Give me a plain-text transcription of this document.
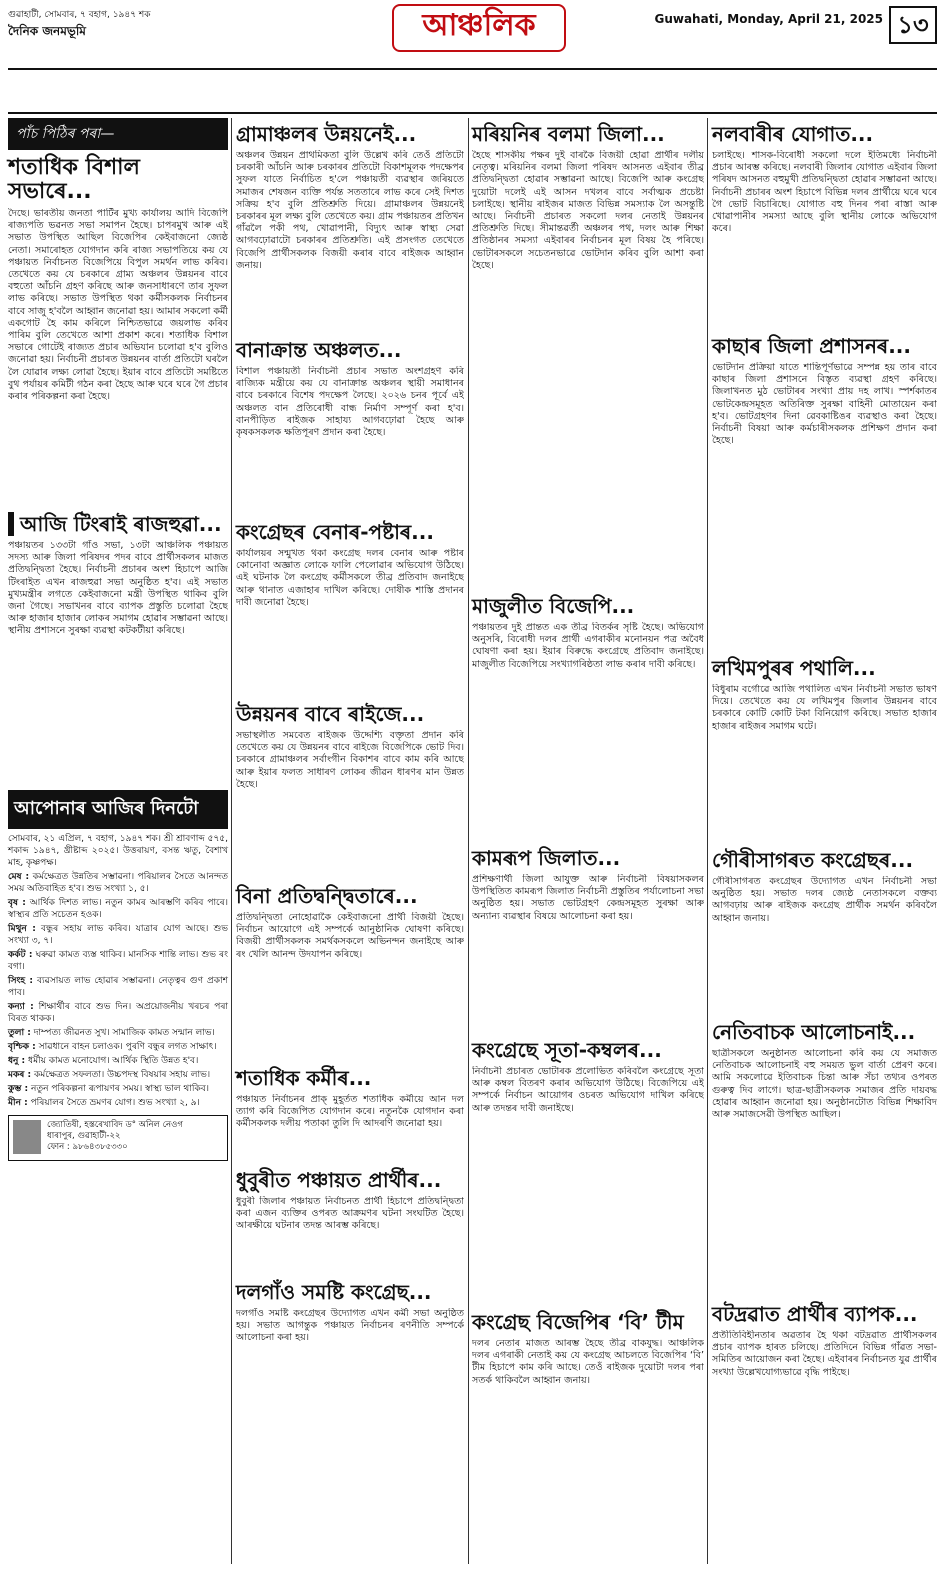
গুৱাহাটী, সোমবাৰ, ৭ বহাগ, ১৯৪৭ শক
দৈনিক জনমভূমি	আঞ্চলিক	Guwahati, Monday, April 21, 2025 ১৩
পাঁচ পিঠিৰ পৰা—
শতাধিক বিশাল সভাৰে...
দৈছে। ভাৰতীয় জনতা পাৰ্টিৰ মুখ্য কাৰ্যালয় আদি বিজেপি ৰাজ্যপতি ভৱনত সভা সমাপন হৈছে। চাপৰমুখ আৰু এই সভাত উপস্থিত আছিল বিজেপিৰ কেইবাজনো জ্যেষ্ঠ নেতা। সমাৰোহত যোগদান কৰি ৰাজ্য সভাপতিয়ে কয় যে পঞ্চায়ত নিৰ্বাচনত বিজেপিয়ে বিপুল সমৰ্থন লাভ কৰিব। তেখেতে কয় যে চৰকাৰে গ্ৰাম্য অঞ্চলৰ উন্নয়নৰ বাবে বহুতো আঁচনি গ্ৰহণ কৰিছে আৰু জনসাধাৰণে তাৰ সুফল লাভ কৰিছে। সভাত উপস্থিত থকা কৰ্মীসকলক নিৰ্বাচনৰ বাবে সাজু হ'বলৈ আহ্বান জনোৱা হয়। আমাৰ সকলো কৰ্মী একগোট হৈ কাম কৰিলে নিশ্চিতভাৱে জয়লাভ কৰিব পাৰিম বুলি তেখেতে আশা প্ৰকাশ কৰে। শতাধিক বিশাল সভাৰে গোটেই ৰাজ্যত প্ৰচাৰ অভিযান চলোৱা হ'ব বুলিও জনোৱা হয়। নিৰ্বাচনী প্ৰচাৰত উন্নয়নৰ বাৰ্তা প্ৰতিটো ঘৰলৈ লৈ যোৱাৰ লক্ষ্য লোৱা হৈছে। ইয়াৰ বাবে প্ৰতিটো সমষ্টিতে বুথ পৰ্যায়ৰ কমিটী গঠন কৰা হৈছে আৰু ঘৰে ঘৰে গৈ প্ৰচাৰ কৰাৰ পৰিকল্পনা কৰা হৈছে।
আজি টিংৰাই ৰাজহুৱা...
পঞ্চায়তৰ ১৩৩টা গাঁও সভা, ১৩টা আঞ্চলিক পঞ্চায়ত সদস্য আৰু জিলা পৰিষদৰ পদৰ বাবে প্ৰাৰ্থীসকলৰ মাজত প্ৰতিদ্বন্দ্বিতা হৈছে। নিৰ্বাচনী প্ৰচাৰৰ অংশ হিচাপে আজি টিংৰাইত এখন ৰাজহুৱা সভা অনুষ্ঠিত হ'ব। এই সভাত মুখ্যমন্ত্ৰীৰ লগতে কেইবাজনো মন্ত্ৰী উপস্থিত থাকিব বুলি জনা গৈছে। সভাখনৰ বাবে ব্যাপক প্ৰস্তুতি চলোৱা হৈছে আৰু হাজাৰ হাজাৰ লোকৰ সমাগম হোৱাৰ সম্ভাৱনা আছে। স্থানীয় প্ৰশাসনে সুৰক্ষা ব্যৱস্থা কটকটীয়া কৰিছে।
আপোনাৰ আজিৰ দিনটো
সোমবাৰ, ২১ এপ্ৰিল, ৭ বহাগ, ১৯৪৭ শক। শ্ৰী শ্ৰাবণাব্দ ৫৭৫, শকাব্দ ১৯৪৭, খ্ৰীষ্টাব্দ ২০২৫। উত্তৰায়ণ, বসন্ত ঋতু, বৈশাখ মাহ, কৃষ্ণপক্ষ।
মেষ : কৰ্মক্ষেত্ৰত উন্নতিৰ সম্ভাৱনা। পৰিয়ালৰ সৈতে আনন্দত সময় অতিবাহিত হ'ব। শুভ সংখ্যা ১, ৫।
বৃষ : আৰ্থিক দিশত লাভ। নতুন কামৰ আৰম্ভণি কৰিব পাৰে। স্বাস্থ্যৰ প্ৰতি সচেতন হওক।
মিথুন : বন্ধুৰ সহায় লাভ কৰিব। যাত্ৰাৰ যোগ আছে। শুভ সংখ্যা ৩, ৭।
কৰ্কট : ঘৰুৱা কামত ব্যস্ত থাকিব। মানসিক শান্তি লাভ। শুভ ৰং বগা।
সিংহ : ব্যৱসায়ত লাভ হোৱাৰ সম্ভাৱনা। নেতৃত্বৰ গুণ প্ৰকাশ পাব।
কন্যা : শিক্ষাৰ্থীৰ বাবে শুভ দিন। অপ্ৰয়োজনীয় খৰচৰ পৰা বিৰত থাকক।
তুলা : দাম্পত্য জীৱনত সুখ। সামাজিক কামত সন্মান লাভ।
বৃশ্চিক : সাৱধানে বাহন চলাওক। পুৰণি বন্ধুৰ লগত সাক্ষাৎ।
ধনু : ধৰ্মীয় কামত মনোযোগ। আৰ্থিক স্থিতি উন্নত হ'ব।
মকৰ : কৰ্মক্ষেত্ৰত সফলতা। উচ্চপদস্থ বিষয়াৰ সহায় লাভ।
কুম্ভ : নতুন পৰিকল্পনা ৰূপায়ণৰ সময়। স্বাস্থ্য ভাল থাকিব।
মীন : পৰিয়ালৰ সৈতে ভ্ৰমণৰ যোগ। শুভ সংখ্যা ২, ৯।
জ্যোতিষী, হস্তৰেখাবিদ ড° অনিল নেওগ
ধাৰাপুৰ, গুৱাহাটী-২২
ফোন : ৯৮৬৪৩৮৫৩৩০
গ্ৰামাঞ্চলৰ উন্নয়নেই...
অঞ্চলৰ উন্নয়ন প্ৰাথমিকতা বুলি উল্লেখ কৰি তেওঁ প্ৰতিটো চৰকাৰী আঁচনি আৰু চৰকাৰৰ প্ৰতিটো বিকাশমূলক পদক্ষেপৰ সুফল যাতে নিৰ্বাচিত হ'লে পঞ্চায়তী ব্যৱস্থাৰ জৰিয়তে সমাজৰ শেষজন ব্যক্তি পৰ্যন্ত সততাৰে লাভ কৰে সেই দিশত সক্ৰিয় হ'ব বুলি প্ৰতিশ্ৰুতি দিয়ে। গ্ৰামাঞ্চলৰ উন্নয়নেই চৰকাৰৰ মূল লক্ষ্য বুলি তেখেতে কয়। গ্ৰাম পঞ্চায়তৰ প্ৰতিখন গাঁৱলৈ পকী পথ, খোৱাপানী, বিদ্যুৎ আৰু স্বাস্থ্য সেৱা আগবঢ়োৱাটো চৰকাৰৰ প্ৰতিশ্ৰুতি। এই প্ৰসংগত তেখেতে বিজেপি প্ৰাৰ্থীসকলক বিজয়ী কৰাৰ বাবে ৰাইজক আহ্বান জনায়।
বানাক্ৰান্ত অঞ্চলত...
বিশাল পঞ্চায়তী নিৰ্বাচনী প্ৰচাৰ সভাত অংশগ্ৰহণ কৰি ৰাজ্যিক মন্ত্ৰীয়ে কয় যে বানাক্ৰান্ত অঞ্চলৰ স্থায়ী সমাধানৰ বাবে চৰকাৰে বিশেষ পদক্ষেপ লৈছে। ২০২৬ চনৰ পূৰ্বে এই অঞ্চলত বান প্ৰতিৰোধী বান্ধ নিৰ্মাণ সম্পূৰ্ণ কৰা হ'ব। বানপীড়িত ৰাইজক সাহায্য আগবঢ়োৱা হৈছে আৰু কৃষকসকলক ক্ষতিপূৰণ প্ৰদান কৰা হৈছে।
কংগ্ৰেছৰ বেনাৰ-পষ্টাৰ...
কাৰ্যালয়ৰ সন্মুখত থকা কংগ্ৰেছ দলৰ বেনাৰ আৰু পষ্টাৰ কোনোবা অজ্ঞাত লোকে ফালি পেলোৱাৰ অভিযোগ উঠিছে। এই ঘটনাক লৈ কংগ্ৰেছ কৰ্মীসকলে তীব্ৰ প্ৰতিবাদ জনাইছে আৰু থানাত এজাহাৰ দাখিল কৰিছে। দোষীক শাস্তি প্ৰদানৰ দাবী জনোৱা হৈছে।
উন্নয়নৰ বাবে ৰাইজে...
সভাস্থলীত সমবেত ৰাইজক উদ্দেশ্যি বক্তৃতা প্ৰদান কৰি তেখেতে কয় যে উন্নয়নৰ বাবে ৰাইজে বিজেপিকে ভোট দিব। চৰকাৰে গ্ৰামাঞ্চলৰ সৰ্বাংগীন বিকাশৰ বাবে কাম কৰি আছে আৰু ইয়াৰ ফলত সাধাৰণ লোকৰ জীৱন ধাৰণৰ মান উন্নত হৈছে।
বিনা প্ৰতিদ্বন্দ্বিতাৰে...
প্ৰতিদ্বন্দ্বিতা নোহোৱাকৈ কেইবাজনো প্ৰাৰ্থী বিজয়ী হৈছে। নিৰ্বাচন আয়োগে এই সম্পৰ্কে আনুষ্ঠানিক ঘোষণা কৰিছে। বিজয়ী প্ৰাৰ্থীসকলক সমৰ্থকসকলে অভিনন্দন জনাইছে আৰু ৰং খেলি আনন্দ উদযাপন কৰিছে।
শতাধিক কৰ্মীৰ...
পঞ্চায়ত নিৰ্বাচনৰ প্ৰাক্ মুহূৰ্তত শতাধিক কৰ্মীয়ে আন দল ত্যাগ কৰি বিজেপিত যোগদান কৰে। নতুনকৈ যোগদান কৰা কৰ্মীসকলক দলীয় পতাকা তুলি দি আদৰণি জনোৱা হয়।
ধুবুৰীত পঞ্চায়ত প্ৰাৰ্থীৰ...
ধুবুৰী জিলাৰ পঞ্চায়ত নিৰ্বাচনত প্ৰাৰ্থী হিচাপে প্ৰতিদ্বন্দ্বিতা কৰা এজন ব্যক্তিৰ ওপৰত আক্ৰমণৰ ঘটনা সংঘটিত হৈছে। আৰক্ষীয়ে ঘটনাৰ তদন্ত আৰম্ভ কৰিছে।
দলগাঁও সমষ্টি কংগ্ৰেছ...
দলগাঁও সমষ্টি কংগ্ৰেছৰ উদ্যোগত এখন কৰ্মী সভা অনুষ্ঠিত হয়। সভাত আগন্তুক পঞ্চায়ত নিৰ্বাচনৰ ৰণনীতি সম্পৰ্কে আলোচনা কৰা হয়।
মৰিয়নিৰ বলমা জিলা...
হৈছে শাসকীয় পক্ষৰ দুই বাৰকৈ বিজয়ী হোৱা প্ৰাৰ্থীৰ দলীয় নেতৃত্ব। মৰিয়নিৰ বলমা জিলা পৰিষদ আসনত এইবাৰ তীব্ৰ প্ৰতিদ্বন্দ্বিতা হোৱাৰ সম্ভাৱনা আছে। বিজেপি আৰু কংগ্ৰেছ দুয়োটা দলেই এই আসন দখলৰ বাবে সৰ্বাত্মক প্ৰচেষ্টা চলাইছে। স্থানীয় ৰাইজৰ মাজত বিভিন্ন সমস্যাক লৈ অসন্তুষ্টি আছে। নিৰ্বাচনী প্ৰচাৰত সকলো দলৰ নেতাই উন্নয়নৰ প্ৰতিশ্ৰুতি দিছে। সীমান্তৱৰ্তী অঞ্চলৰ পথ, দলং আৰু শিক্ষা প্ৰতিষ্ঠানৰ সমস্যা এইবাৰৰ নিৰ্বাচনৰ মূল বিষয় হৈ পৰিছে। ভোটাৰসকলে সচেতনভাৱে ভোটদান কৰিব বুলি আশা কৰা হৈছে।
মাজুলীত বিজেপি...
পঞ্চায়তৰ দুই প্ৰান্তত এক তীব্ৰ বিতৰ্কৰ সৃষ্টি হৈছে। অভিযোগ অনুসৰি, বিৰোধী দলৰ প্ৰাৰ্থী এগৰাকীৰ মনোনয়ন পত্ৰ অবৈধ ঘোষণা কৰা হয়। ইয়াৰ বিৰুদ্ধে কংগ্ৰেছে প্ৰতিবাদ জনাইছে। মাজুলীত বিজেপিয়ে সংখ্যাগৰিষ্ঠতা লাভ কৰাৰ দাবী কৰিছে।
কামৰূপ জিলাত...
প্ৰশিক্ষণাৰ্থী জিলা আযুক্ত আৰু নিৰ্বাচনী বিষয়াসকলৰ উপস্থিতিত কামৰূপ জিলাত নিৰ্বাচনী প্ৰস্তুতিৰ পৰ্যালোচনা সভা অনুষ্ঠিত হয়। সভাত ভোটগ্ৰহণ কেন্দ্ৰসমূহত সুৰক্ষা আৰু অন্যান্য ব্যৱস্থাৰ বিষয়ে আলোচনা কৰা হয়।
কংগ্ৰেছে সূতা-কম্বলৰ...
নিৰ্বাচনী প্ৰচাৰত ভোটাৰক প্ৰলোভিত কৰিবলৈ কংগ্ৰেছে সূতা আৰু কম্বল বিতৰণ কৰাৰ অভিযোগ উঠিছে। বিজেপিয়ে এই সম্পৰ্কে নিৰ্বাচন আয়োগৰ ওচৰত অভিযোগ দাখিল কৰিছে আৰু তদন্তৰ দাবী জনাইছে।
কংগ্ৰেছ বিজেপিৰ ‘বি’ টীম
দলৰ নেতাৰ মাজত আৰম্ভ হৈছে তীব্ৰ বাকযুদ্ধ। আঞ্চলিক দলৰ এগৰাকী নেতাই কয় যে কংগ্ৰেছ আচলতে বিজেপিৰ ‘বি’ টীম হিচাপে কাম কৰি আছে। তেওঁ ৰাইজক দুয়োটা দলৰ পৰা সতৰ্ক থাকিবলৈ আহ্বান জনায়।
নলবাৰীৰ যোগাত...
চলাইছে। শাসক-বিৰোধী সকলো দলে ইতিমধ্যে নিৰ্বাচনী প্ৰচাৰ আৰম্ভ কৰিছে। নলবাৰী জিলাৰ যোগাত এইবাৰ জিলা পৰিষদ আসনত বহুমুখী প্ৰতিদ্বন্দ্বিতা হোৱাৰ সম্ভাৱনা আছে। নিৰ্বাচনী প্ৰচাৰৰ অংশ হিচাপে বিভিন্ন দলৰ প্ৰাৰ্থীয়ে ঘৰে ঘৰে গৈ ভোট বিচাৰিছে। যোগাত বহু দিনৰ পৰা ৰাস্তা আৰু খোৱাপানীৰ সমস্যা আছে বুলি স্থানীয় লোকে অভিযোগ কৰে।
কাছাৰ জিলা প্ৰশাসনৰ...
ভোটদান প্ৰক্ৰিয়া যাতে শান্তিপূৰ্ণভাৱে সম্পন্ন হয় তাৰ বাবে কাছাৰ জিলা প্ৰশাসনে বিস্তৃত ব্যৱস্থা গ্ৰহণ কৰিছে। জিলাখনত মুঠ ভোটাৰৰ সংখ্যা প্ৰায় দহ লাখ। স্পৰ্শকাতৰ ভোটকেন্দ্ৰসমূহত অতিৰিক্ত সুৰক্ষা বাহিনী মোতায়েন কৰা হ'ব। ভোটগ্ৰহণৰ দিনা ৱেবকাষ্টিঙৰ ব্যৱস্থাও কৰা হৈছে। নিৰ্বাচনী বিষয়া আৰু কৰ্মচাৰীসকলক প্ৰশিক্ষণ প্ৰদান কৰা হৈছে।
লখিমপুৰৰ পথালি...
বিধুৰাম বৰ্গোৱে আজি পথালিত এখন নিৰ্বাচনী সভাত ভাষণ দিয়ে। তেখেতে কয় যে লখিমপুৰ জিলাৰ উন্নয়নৰ বাবে চৰকাৰে কোটি কোটি টকা বিনিয়োগ কৰিছে। সভাত হাজাৰ হাজাৰ ৰাইজৰ সমাগম ঘটে।
গৌৰীসাগৰত কংগ্ৰেছৰ...
গৌৰীসাগৰত কংগ্ৰেছৰ উদ্যোগত এখন নিৰ্বাচনী সভা অনুষ্ঠিত হয়। সভাত দলৰ জ্যেষ্ঠ নেতাসকলে বক্তব্য আগবঢ়ায় আৰু ৰাইজক কংগ্ৰেছ প্ৰাৰ্থীক সমৰ্থন কৰিবলৈ আহ্বান জনায়।
নেতিবাচক আলোচনাই...
ছাত্ৰীসকলে অনুষ্ঠানত আলোচনা কৰি কয় যে সমাজত নেতিবাচক আলোচনাই বহু সময়ত ভুল বাৰ্তা প্ৰেৰণ কৰে। আমি সকলোৱে ইতিবাচক চিন্তা আৰু সঁচা তথ্যৰ ওপৰত গুৰুত্ব দিব লাগে। ছাত্ৰ-ছাত্ৰীসকলক সমাজৰ প্ৰতি দায়বদ্ধ হোৱাৰ আহ্বান জনোৱা হয়। অনুষ্ঠানটোত বিভিন্ন শিক্ষাবিদ আৰু সমাজসেৱী উপস্থিত আছিল।
বটদ্ৰৱাত প্ৰাৰ্থীৰ ব্যাপক...
প্ৰতীতিবিহীনতাৰ অৱতাৰ হৈ থকা বটদ্ৰৱাত প্ৰাৰ্থীসকলৰ প্ৰচাৰ ব্যাপক হাৰত চলিছে। প্ৰতিদিনে বিভিন্ন গাঁৱত সভা-সমিতিৰ আয়োজন কৰা হৈছে। এইবাৰৰ নিৰ্বাচনত যুৱ প্ৰাৰ্থীৰ সংখ্যা উল্লেখযোগ্যভাৱে বৃদ্ধি পাইছে।
